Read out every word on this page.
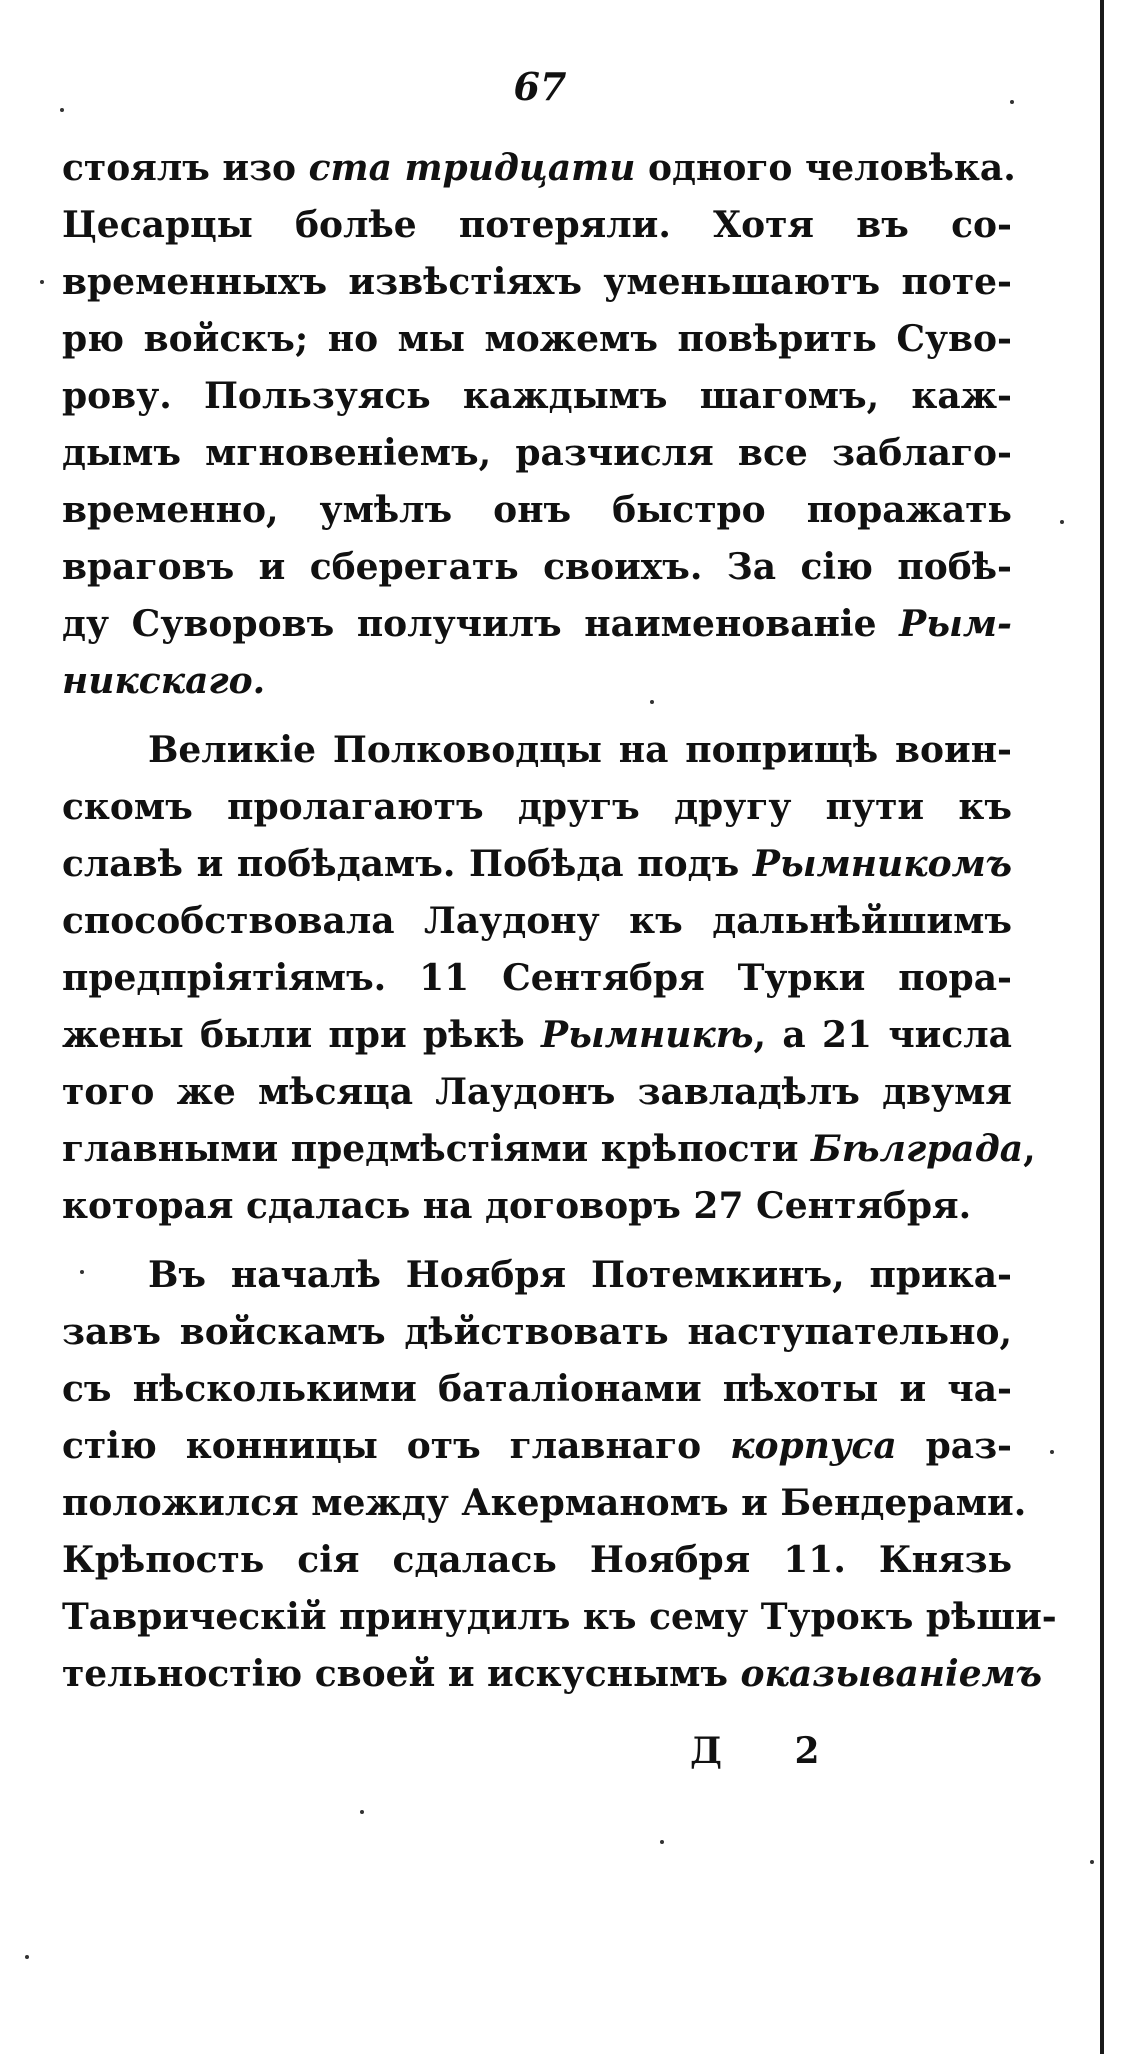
67
стоялъ изо ста тридцати одного человѣка.
Цесарцы болѣе потеряли. Хотя въ со-
временныхъ извѣстiяхъ уменьшаютъ поте-
рю войскъ; но мы можемъ повѣрить Суво-
рову. Пользуясь каждымъ шагомъ, каж-
дымъ мгновенiемъ, разчисля все заблаго-
временно, умѣлъ онъ быстро поражать
враговъ и сберегать своихъ. За сiю побѣ-
ду Суворовъ получилъ наименованiе Рым-
никскаго.
Великiе Полководцы на поприщѣ воин-
скомъ пролагаютъ другъ другу пути къ
славѣ и побѣдамъ. Побѣда подъ Рымникомъ
способствовала Лаудону къ дальнѣйшимъ
предпрiятiямъ. 11 Сентября Турки пора-
жены были при рѣкѣ Рымникѣ, а 21 числа
того же мѣсяца Лаудонъ завладѣлъ двумя
главными предмѣстiями крѣпости Бѣлграда,
которая сдалась на договоръ 27 Сентября.
Въ началѣ Ноября Потемкинъ, прика-
завъ войскамъ дѣйствовать наступательно,
съ нѣсколькими баталiонами пѣхоты и ча-
стiю конницы отъ главнаго корпуса раз-
положился между Акерманомъ и Бендерами.
Крѣпость сiя сдалась Ноября 11. Князь
Таврическiй принудилъ къ сему Турокъ рѣши-
тельностiю своей и искуснымъ оказыванiемъ
Д 2
